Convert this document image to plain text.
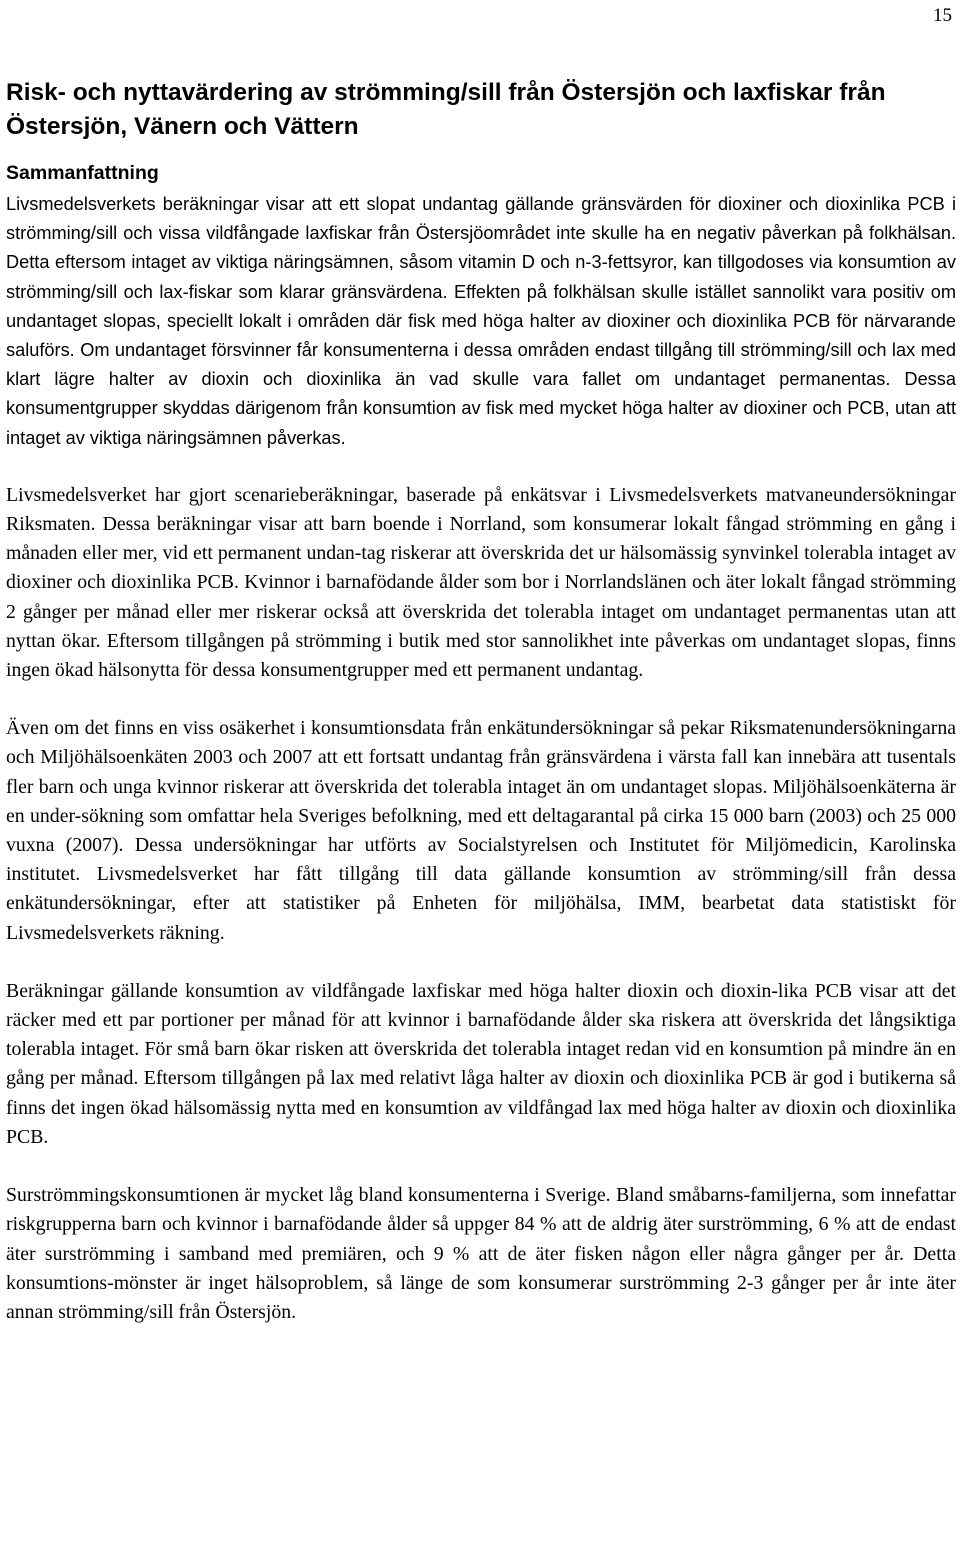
15
Risk- och nyttavärdering av strömming/sill från Östersjön och laxfiskar från Östersjön, Vänern och Vättern
Sammanfattning

Livsmedelsverkets beräkningar visar att ett slopat undantag gällande gränsvärden för dioxiner och dioxinlika PCB i strömming/sill och vissa vildfångade laxfiskar från Östersjöområdet inte skulle ha en negativ påverkan på folkhälsan. Detta eftersom intaget av viktiga näringsämnen, såsom vitamin D och n-3-fettsyror, kan tillgodoses via konsumtion av strömming/sill och lax-fiskar som klarar gränsvärdena. Effekten på folkhälsan skulle istället sannolikt vara positiv om undantaget slopas, speciellt lokalt i områden där fisk med höga halter av dioxiner och dioxinlika PCB för närvarande saluförs. Om undantaget försvinner får konsumenterna i dessa områden endast tillgång till strömming/sill och lax med klart lägre halter av dioxin och dioxinlika än vad skulle vara fallet om undantaget permanentas. Dessa konsumentgrupper skyddas därigenom från konsumtion av fisk med mycket höga halter av dioxiner och PCB, utan att intaget av viktiga näringsämnen påverkas.

Livsmedelsverket har gjort scenarieberäkningar, baserade på enkätsvar i Livsmedelsverkets matvaneundersökningar Riksmaten. Dessa beräkningar visar att barn boende i Norrland, som konsumerar lokalt fångad strömming en gång i månaden eller mer, vid ett permanent undan-tag riskerar att överskrida det ur hälsomässig synvinkel tolerabla intaget av dioxiner och dioxinlika PCB. Kvinnor i barnafödande ålder som bor i Norrlandslänen och äter lokalt fångad strömming 2 gånger per månad eller mer riskerar också att överskrida det tolerabla intaget om undantaget permanentas utan att nyttan ökar. Eftersom tillgången på strömming i butik med stor sannolikhet inte påverkas om undantaget slopas, finns ingen ökad hälsonytta för dessa konsumentgrupper med ett permanent undantag.

Även om det finns en viss osäkerhet i konsumtionsdata från enkätundersökningar så pekar Riksmatenundersökningarna och Miljöhälsoenkäten 2003 och 2007 att ett fortsatt undantag från gränsvärdena i värsta fall kan innebära att tusentals fler barn och unga kvinnor riskerar att överskrida det tolerabla intaget än om undantaget slopas. Miljöhälsoenkäterna är en under-sökning som omfattar hela Sveriges befolkning, med ett deltagarantal på cirka 15 000 barn (2003) och 25 000 vuxna (2007). Dessa undersökningar har utförts av Socialstyrelsen och Institutet för Miljömedicin, Karolinska institutet. Livsmedelsverket har fått tillgång till data gällande konsumtion av strömming/sill från dessa enkätundersökningar, efter att statistiker på Enheten för miljöhälsa, IMM, bearbetat data statistiskt för Livsmedelsverkets räkning.

Beräkningar gällande konsumtion av vildfångade laxfiskar med höga halter dioxin och dioxin-lika PCB visar att det räcker med ett par portioner per månad för att kvinnor i barnafödande ålder ska riskera att överskrida det långsiktiga tolerabla intaget. För små barn ökar risken att överskrida det tolerabla intaget redan vid en konsumtion på mindre än en gång per månad. Eftersom tillgången på lax med relativt låga halter av dioxin och dioxinlika PCB är god i butikerna så finns det ingen ökad hälsomässig nytta med en konsumtion av vildfångad lax med höga halter av dioxin och dioxinlika PCB.

Surströmmingskonsumtionen är mycket låg bland konsumenterna i Sverige. Bland småbarns-familjerna, som innefattar riskgrupperna barn och kvinnor i barnafödande ålder så uppger 84 % att de aldrig äter surströmming, 6 % att de endast äter surströmming i samband med premiären, och 9 % att de äter fisken någon eller några gånger per år. Detta konsumtions-mönster är inget hälsoproblem, så länge de som konsumerar surströmming 2-3 gånger per år inte äter annan strömming/sill från Östersjön.
